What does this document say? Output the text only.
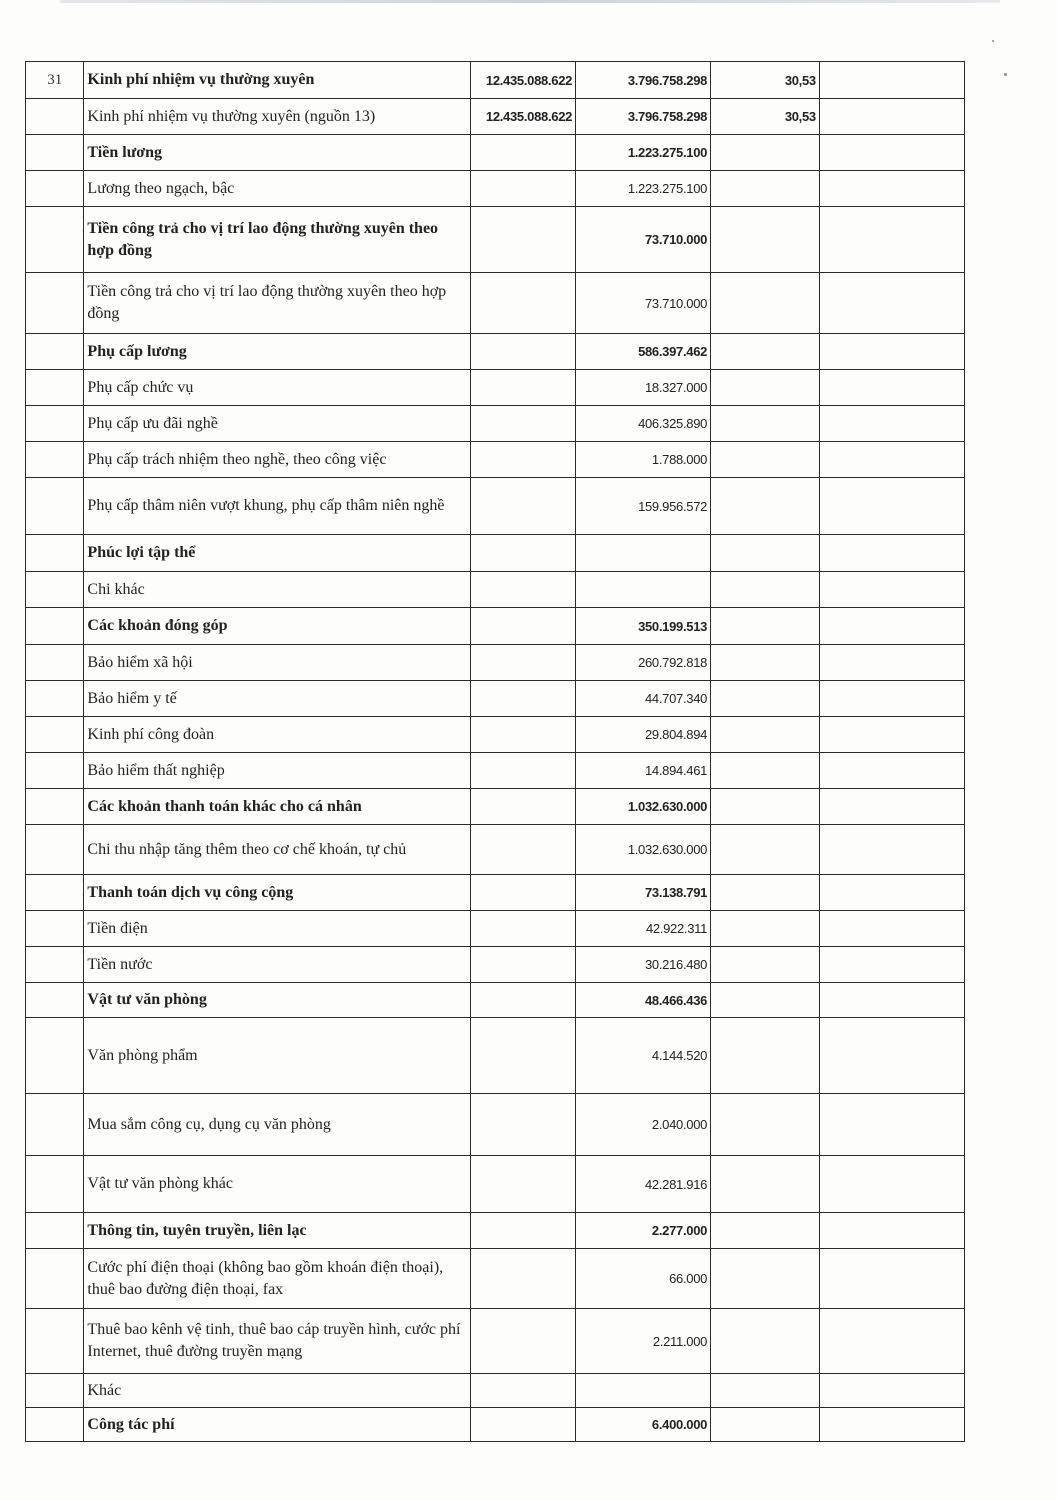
31	Kinh phí nhiệm vụ thường xuyên	12.435.088.622	3.796.758.298	30,53	
	Kinh phí nhiệm vụ thường xuyên (nguồn 13)	12.435.088.622	3.796.758.298	30,53	
	Tiền lương		1.223.275.100		
	Lương theo ngạch, bậc		1.223.275.100		
	Tiền công trả cho vị trí lao động thường xuyên theo hợp đồng		73.710.000		
	Tiền công trả cho vị trí lao động thường xuyên theo hợp đồng		73.710.000		
	Phụ cấp lương		586.397.462		
	Phụ cấp chức vụ		18.327.000		
	Phụ cấp ưu đãi nghề		406.325.890		
	Phụ cấp trách nhiệm theo nghề, theo công việc		1.788.000		
	Phụ cấp thâm niên vượt khung, phụ cấp thâm niên nghề		159.956.572		
	Phúc lợi tập thể				
	Chi khác				
	Các khoản đóng góp		350.199.513		
	Bảo hiểm xã hội		260.792.818		
	Bảo hiểm y tế		44.707.340		
	Kinh phí công đoàn		29.804.894		
	Bảo hiểm thất nghiệp		14.894.461		
	Các khoản thanh toán khác cho cá nhân		1.032.630.000		
	Chi thu nhập tăng thêm theo cơ chế khoán, tự chủ		1.032.630.000		
	Thanh toán dịch vụ công cộng		73.138.791		
	Tiền điện		42.922.311		
	Tiền nước		30.216.480		
	Vật tư văn phòng		48.466.436		
	Văn phòng phẩm		4.144.520		
	Mua sắm công cụ, dụng cụ văn phòng		2.040.000		
	Vật tư văn phòng khác		42.281.916		
	Thông tin, tuyên truyền, liên lạc		2.277.000		
	Cước phí điện thoại (không bao gồm khoán điện thoại), thuê bao đường điện thoại, fax		66.000		
	Thuê bao kênh vệ tinh, thuê bao cáp truyền hình, cước phí Internet, thuê đường truyền mạng		2.211.000		
	Khác				
	Công tác phí		6.400.000		
